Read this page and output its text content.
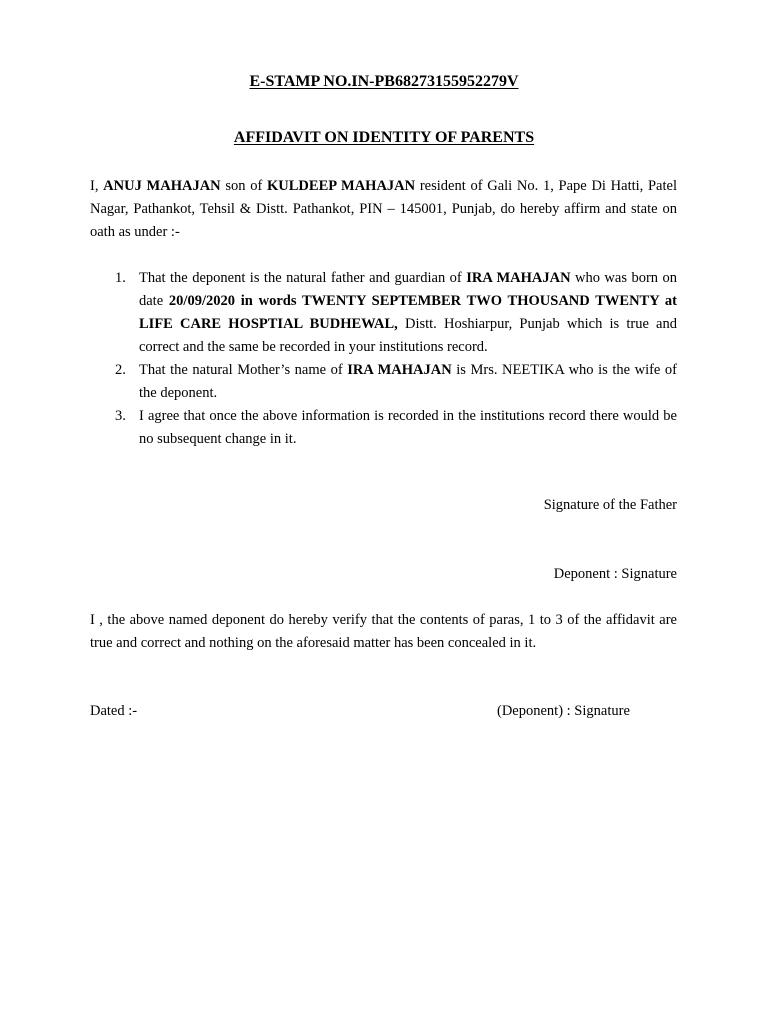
E-STAMP NO.IN-PB68273155952279V
AFFIDAVIT ON IDENTITY OF PARENTS

I, ANUJ MAHAJAN son of KULDEEP MAHAJAN resident of Gali No. 1, Pape Di Hatti, Patel Nagar, Pathankot, Tehsil & Distt. Pathankot, PIN – 145001, Punjab, do hereby affirm and state on oath as under :-

1. That the deponent is the natural father and guardian of IRA MAHAJAN who was born on date 20/09/2020 in words TWENTY SEPTEMBER TWO THOUSAND TWENTY at LIFE CARE HOSPTIAL BUDHEWAL, Distt. Hoshiarpur, Punjab which is true and correct and the same be recorded in your institutions record.
2. That the natural Mother’s name of IRA MAHAJAN is Mrs. NEETIKA who is the wife of the deponent.
3. I agree that once the above information is recorded in the institutions record there would be no subsequent change in it.
Signature of the Father
Deponent : Signature

I , the above named deponent do hereby verify that the contents of paras, 1 to 3 of the affidavit are true and correct and nothing on the aforesaid matter has been concealed in it.

Dated :-	(Deponent) : Signature
